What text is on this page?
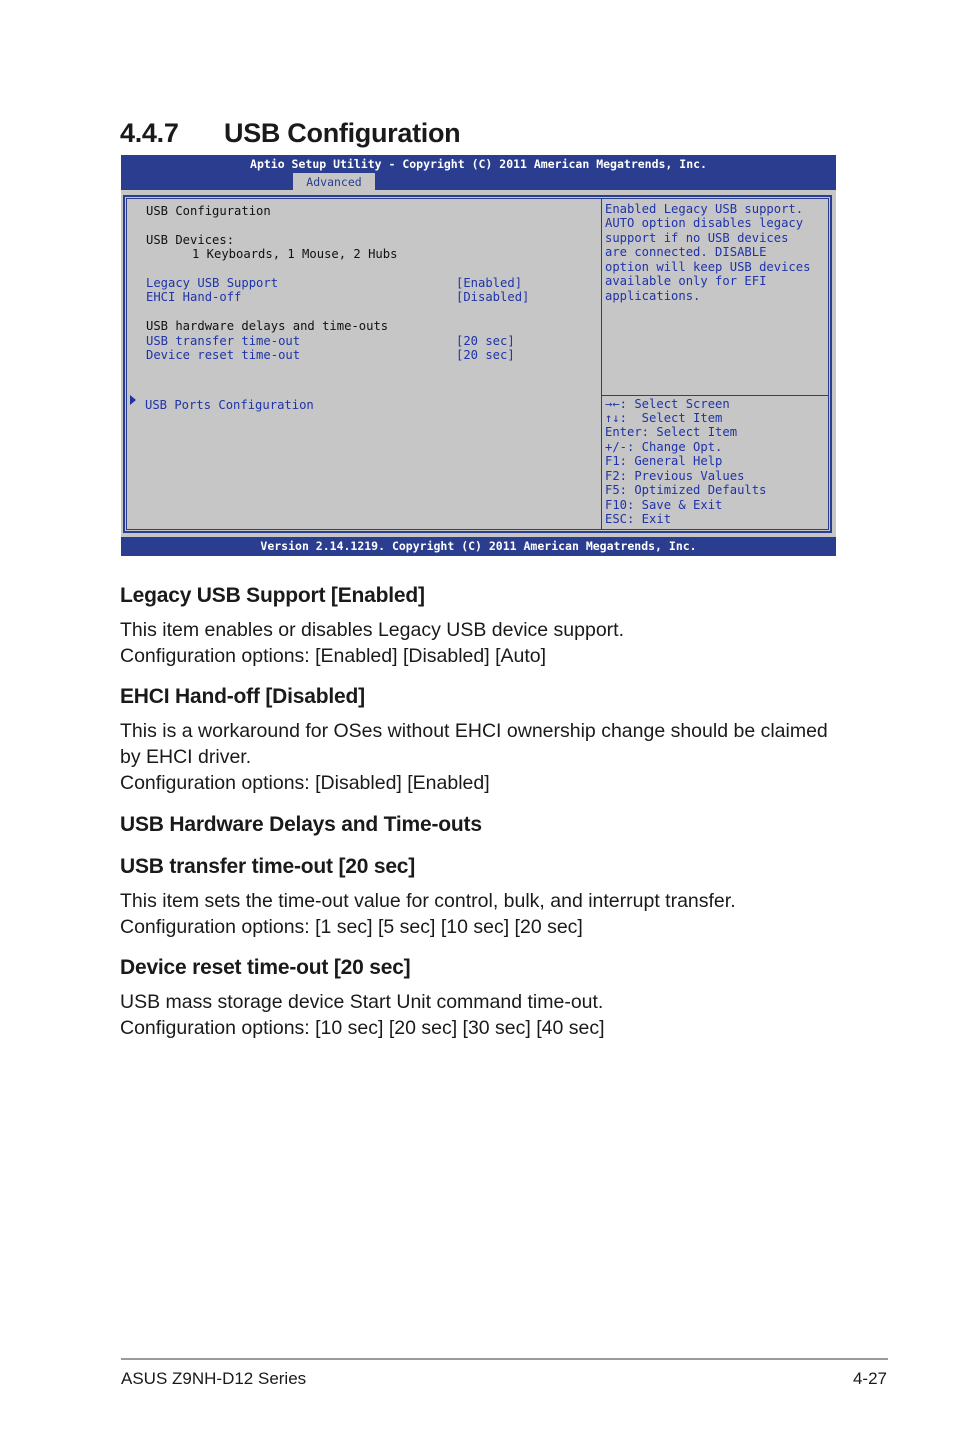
4.4.7 USB Configuration
Aptio Setup Utility - Copyright (C) 2011 American Megatrends, Inc.
Advanced
USB Configuration
USB Devices:
1 Keyboards, 1 Mouse, 2 Hubs
Legacy USB Support	[Enabled]
EHCI Hand-off	[Disabled]
USB hardware delays and time-outs
USB transfer time-out	[20 sec]
Device reset time-out	[20 sec]
USB Ports Configuration
Enabled Legacy USB support.
AUTO option disables legacy
support if no USB devices
are connected. DISABLE
option will keep USB devices
available only for EFI
applications.
→←: Select Screen
↑↓:  Select Item
Enter: Select Item
+/-: Change Opt.
F1: General Help
F2: Previous Values
F5: Optimized Defaults
F10: Save & Exit
ESC: Exit
Version 2.14.1219. Copyright (C) 2011 American Megatrends, Inc.
Legacy USB Support [Enabled]

This item enables or disables Legacy USB device support.

Configuration options: [Enabled] [Disabled] [Auto]

EHCI Hand-off [Disabled]

This is a workaround for OSes without EHCI ownership change should be claimed

by EHCI driver.

Configuration options: [Disabled] [Enabled]

USB Hardware Delays and Time-outs
USB transfer time-out [20 sec]

This item sets the time-out value for control, bulk, and interrupt transfer.

Configuration options: [1 sec] [5 sec] [10 sec] [20 sec]

Device reset time-out [20 sec]

USB mass storage device Start Unit command time-out.

Configuration options: [10 sec] [20 sec] [30 sec] [40 sec]

ASUS Z9NH-D12 Series	4-27
